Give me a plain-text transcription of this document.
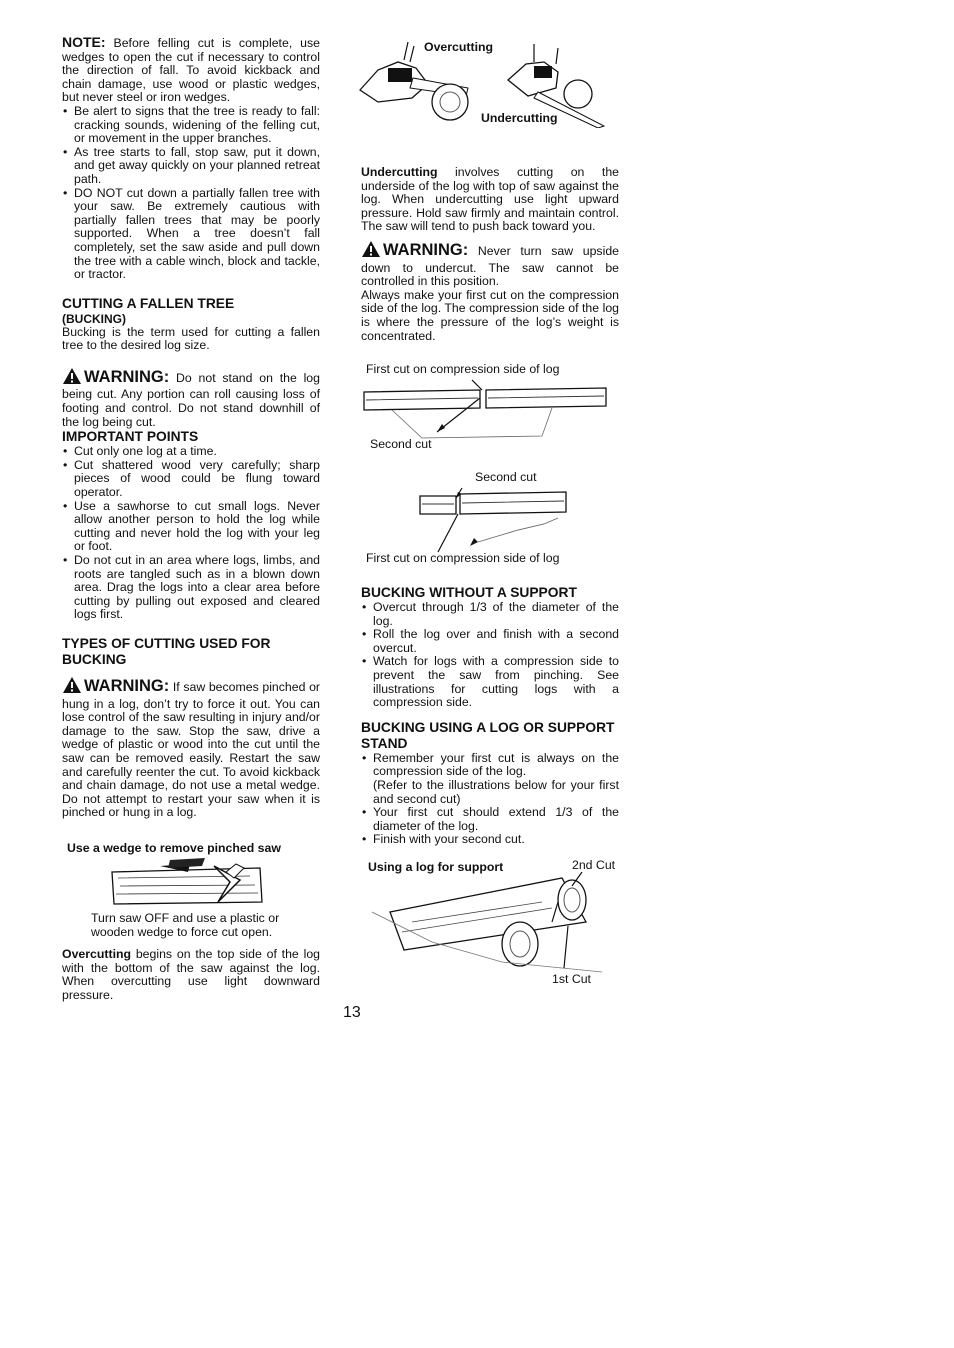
NOTE: Before felling cut is complete, use wedges to open the cut if necessary to control the direction of fall. To avoid kickback and chain damage, use wood or plastic wedges, but never steel or iron wedges.

• Be alert to signs that the tree is ready to fall: cracking sounds, widening of the felling cut, or movement in the upper branches.
• As tree starts to fall, stop saw, put it down, and get away quickly on your planned retreat path.
• DO NOT cut down a partially fallen tree with your saw. Be extremely cautious with partially fallen trees that may be poorly supported. When a tree doesn’t fall completely, set the saw aside and pull down the tree with a cable winch, block and tackle, or tractor.
CUTTING A FALLEN TREE
(BUCKING)

Bucking is the term used for cutting a fallen tree to the desired log size.

WARNING: Do not stand on the log being cut. Any portion can roll causing loss of footing and control. Do not stand downhill of the log being cut.

IMPORTANT POINTS
• Cut only one log at a time.
• Cut shattered wood very carefully; sharp pieces of wood could be flung toward operator.
• Use a sawhorse to cut small logs. Never allow another person to hold the log while cutting and never hold the log with your leg or foot.
• Do not cut in an area where logs, limbs, and roots are tangled such as in a blown down area. Drag the logs into a clear area before cutting by pulling out exposed and cleared logs first.
TYPES OF CUTTING USED FOR BUCKING

WARNING: If saw becomes pinched or hung in a log, don’t try to force it out. You can lose control of the saw resulting in injury and/or damage to the saw. Stop the saw, drive a wedge of plastic or wood into the cut until the saw can be removed easily. Restart the saw and carefully reenter the cut. To avoid kickback and chain damage, do not use a metal wedge. Do not attempt to restart your saw when it is pinched or hung in a log.

Use a wedge to remove pinched saw
Turn saw OFF and use a plastic or wooden wedge to force cut open.

Overcutting begins on the top side of the log with the bottom of the saw against the log. When overcutting use light downward pressure.

Overcutting
Undercutting

Undercutting involves cutting on the underside of the log with top of saw against the log. When undercutting use light upward pressure. Hold saw firmly and maintain control. The saw will tend to push back toward you.

WARNING: Never turn saw upside down to undercut. The saw cannot be controlled in this position.

Always make your first cut on the compression side of the log. The compression side of the log is where the pressure of the log’s weight is concentrated.

First cut on compression side of log
Second cut
Second cut
First cut on compression side of log
BUCKING WITHOUT A SUPPORT
• Overcut through 1/3 of the diameter of the log.
• Roll the log over and finish with a second overcut.
• Watch for logs with a compression side to prevent the saw from pinching. See illustrations for cutting logs with a compression side.
BUCKING USING A LOG OR SUPPORT STAND
• Remember your first cut is always on the compression side of the log.
(Refer to the illustrations below for your first and second cut)
• Your first cut should extend 1/3 of the diameter of the log.
• Finish with your second cut.
Using a log for support	2nd Cut
1st Cut
13
